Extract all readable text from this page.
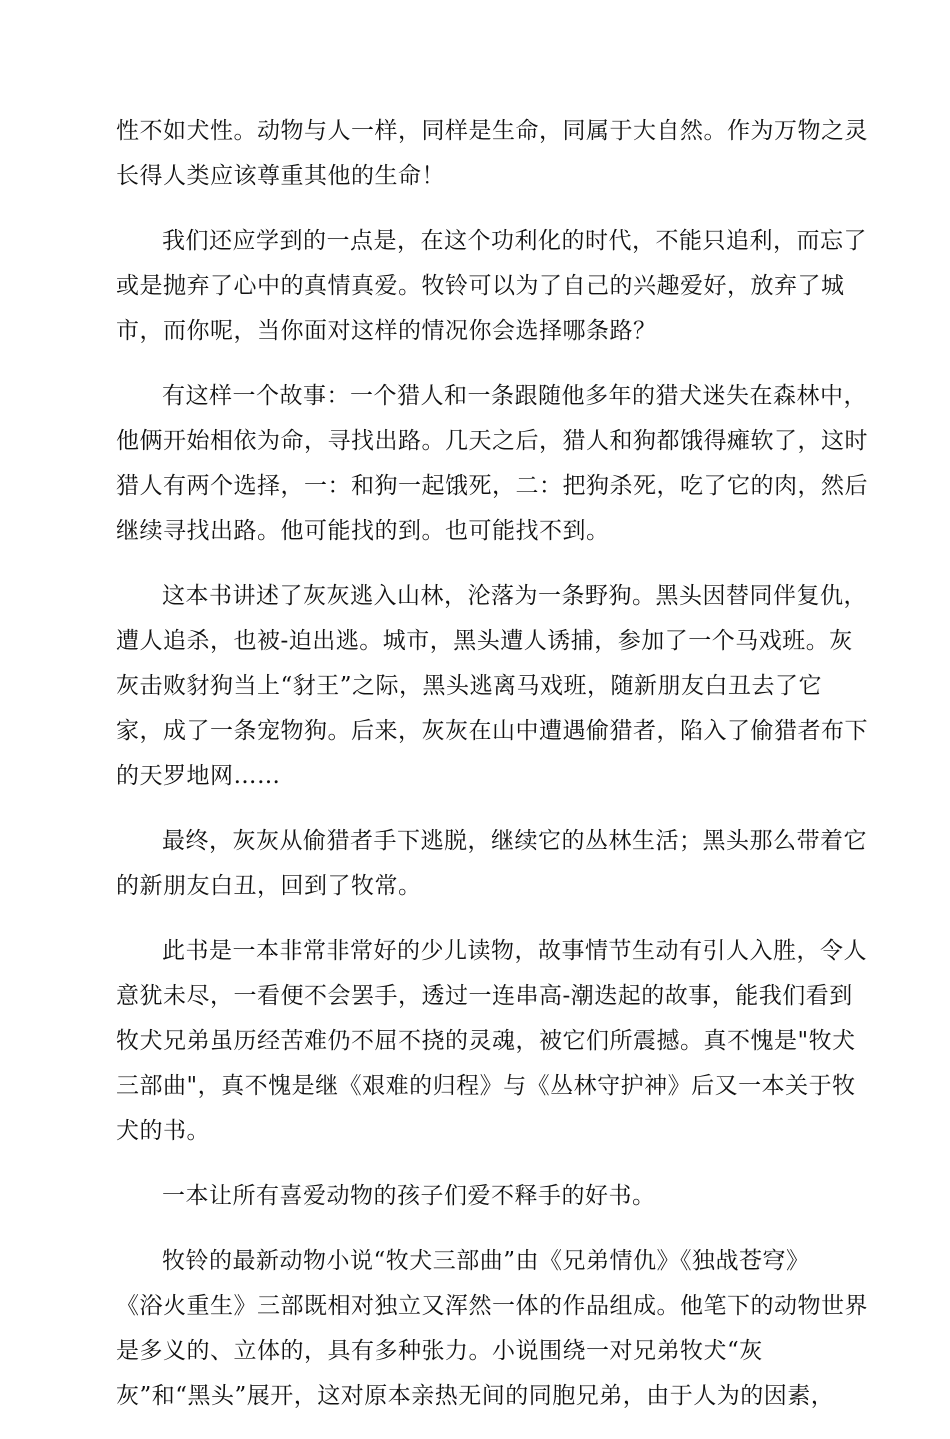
性不如犬性。动物与人一样，同样是生命，同属于大自然。作为万物之灵
长得人类应该尊重其他的生命！

我们还应学到的一点是，在这个功利化的时代，不能只追利，而忘了
或是抛弃了心中的真情真爱。牧铃可以为了自己的兴趣爱好，放弃了城
市，而你呢，当你面对这样的情况你会选择哪条路？

有这样一个故事：一个猎人和一条跟随他多年的猎犬迷失在森林中，
他俩开始相依为命，寻找出路。几天之后，猎人和狗都饿得瘫软了，这时
猎人有两个选择，一：和狗一起饿死，二：把狗杀死，吃了它的肉，然后
继续寻找出路。他可能找的到。也可能找不到。

这本书讲述了灰灰逃入山林，沦落为一条野狗。黑头因替同伴复仇，
遭人追杀，也被-迫出逃。城市，黑头遭人诱捕，参加了一个马戏班。灰
灰击败豺狗当上“豺王”之际，黑头逃离马戏班，随新朋友白丑去了它
家，成了一条宠物狗。后来，灰灰在山中遭遇偷猎者，陷入了偷猎者布下
的天罗地网……

最终，灰灰从偷猎者手下逃脱，继续它的丛林生活；黑头那么带着它
的新朋友白丑，回到了牧常。

此书是一本非常非常好的少儿读物，故事情节生动有引人入胜，令人
意犹未尽，一看便不会罢手，透过一连串高-潮迭起的故事，能我们看到
牧犬兄弟虽历经苦难仍不屈不挠的灵魂，被它们所震撼。真不愧是"牧犬
三部曲"，真不愧是继《艰难的归程》与《丛林守护神》后又一本关于牧
犬的书。

一本让所有喜爱动物的孩子们爱不释手的好书。

牧铃的最新动物小说“牧犬三部曲”由《兄弟情仇》《独战苍穹》
《浴火重生》三部既相对独立又浑然一体的作品组成。他笔下的动物世界
是多义的、立体的，具有多种张力。小说围绕一对兄弟牧犬“灰
灰”和“黑头”展开，这对原本亲热无间的同胞兄弟，由于人为的因素，
